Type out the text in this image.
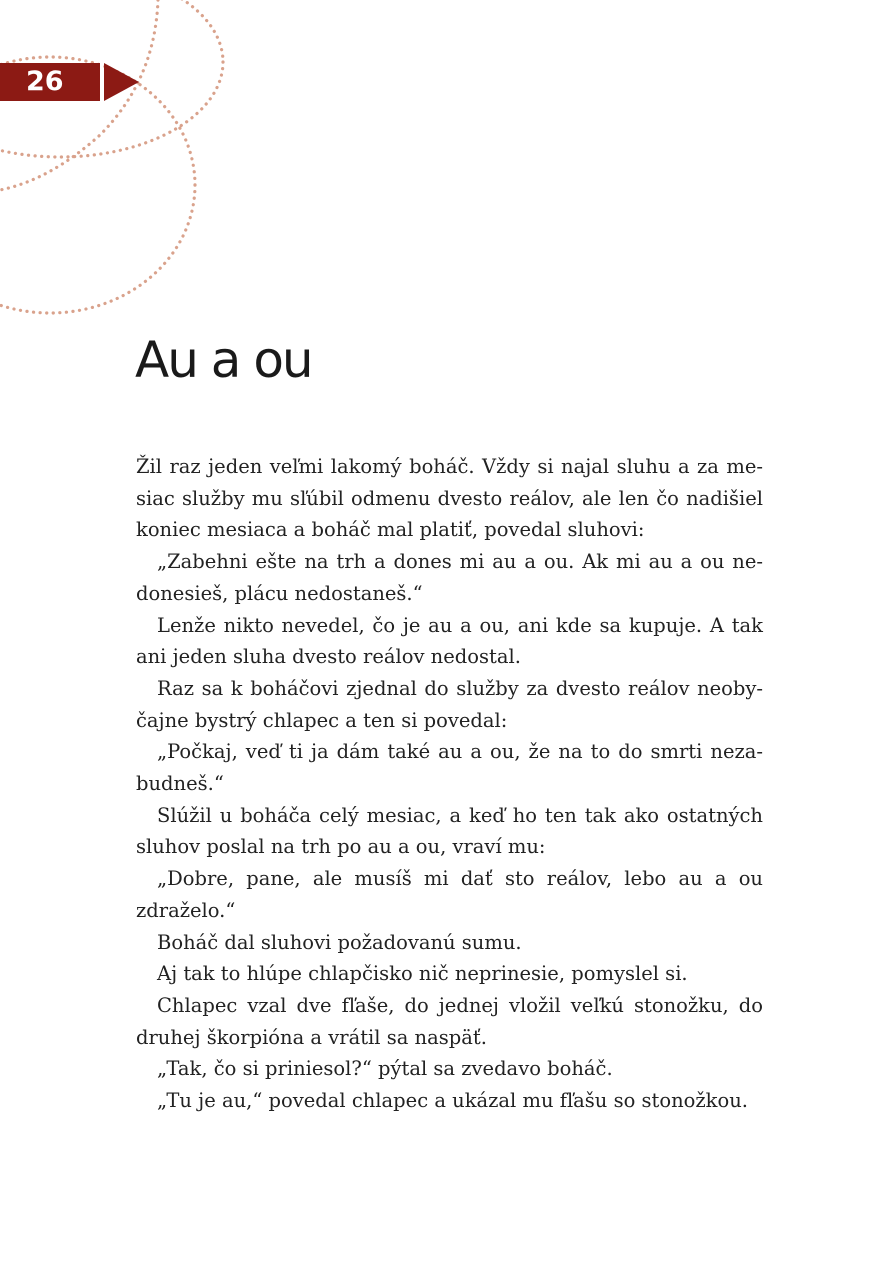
26
Au a ou

Žil raz jeden veľmi lakomý boháč. Vždy si najal sluhu a za mesiac služby mu sľúbil odmenu dvesto reálov, ale len čo nadišiel koniec mesiaca a boháč mal platiť, povedal sluhovi:

„Zabehni ešte na trh a dones mi au a ou. Ak mi au a ou nedonesieš, plácu nedostaneš.“

Lenže nikto nevedel, čo je au a ou, ani kde sa kupuje. A tak ani jeden sluha dvesto reálov nedostal.

Raz sa k boháčovi zjednal do služby za dvesto reálov neobyčajne bystrý chlapec a ten si povedal:

„Počkaj, veď ti ja dám také au a ou, že na to do smrti nezabudneš.“

Slúžil u boháča celý mesiac, a keď ho ten tak ako ostatných sluhov poslal na trh po au a ou, vraví mu:

„Dobre, pane, ale musíš mi dať sto reálov, lebo au a ou zdraželo.“

Boháč dal sluhovi požadovanú sumu.

Aj tak to hlúpe chlapčisko nič neprinesie, pomyslel si.

Chlapec vzal dve fľaše, do jednej vložil veľkú stonožku, do druhej škorpióna a vrátil sa naspäť.

„Tak, čo si priniesol?“ pýtal sa zvedavo boháč.

„Tu je au,“ povedal chlapec a ukázal mu fľašu so stonožkou.
